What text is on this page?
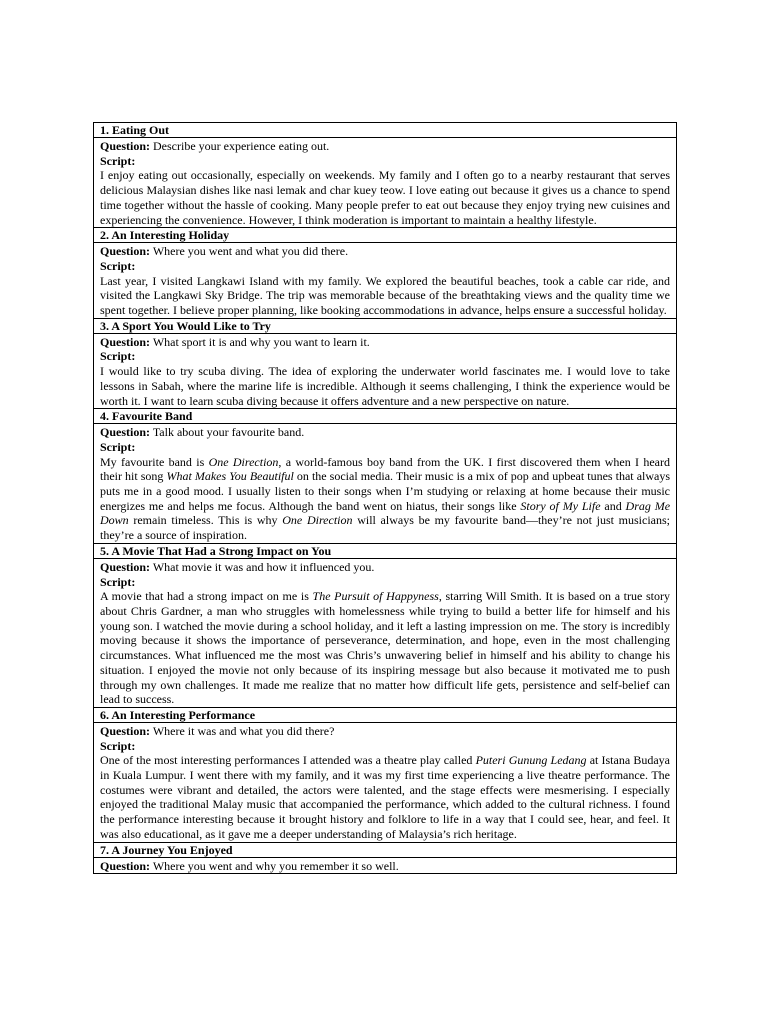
1. Eating Out

Question: Describe your experience eating out.

Script:

I enjoy eating out occasionally, especially on weekends. My family and I often go to a nearby restaurant that serves delicious Malaysian dishes like nasi lemak and char kuey teow. I love eating out because it gives us a chance to spend time together without the hassle of cooking. Many people prefer to eat out because they enjoy trying new cuisines and experiencing the convenience. However, I think moderation is important to maintain a healthy lifestyle.

2. An Interesting Holiday

Question: Where you went and what you did there.

Script:

Last year, I visited Langkawi Island with my family. We explored the beautiful beaches, took a cable car ride, and visited the Langkawi Sky Bridge. The trip was memorable because of the breathtaking views and the quality time we spent together. I believe proper planning, like booking accommodations in advance, helps ensure a successful holiday.

3. A Sport You Would Like to Try

Question: What sport it is and why you want to learn it.

Script:

I would like to try scuba diving. The idea of exploring the underwater world fascinates me. I would love to take lessons in Sabah, where the marine life is incredible. Although it seems challenging, I think the experience would be worth it. I want to learn scuba diving because it offers adventure and a new perspective on nature.

4. Favourite Band

Question: Talk about your favourite band.

Script:

My favourite band is One Direction, a world-famous boy band from the UK. I first discovered them when I heard their hit song What Makes You Beautiful on the social media. Their music is a mix of pop and upbeat tunes that always puts me in a good mood. I usually listen to their songs when I’m studying or relaxing at home because their music energizes me and helps me focus. Although the band went on hiatus, their songs like Story of My Life and Drag Me Down remain timeless. This is why One Direction will always be my favourite band—they’re not just musicians; they’re a source of inspiration.

5. A Movie That Had a Strong Impact on You

Question: What movie it was and how it influenced you.

Script:

A movie that had a strong impact on me is The Pursuit of Happyness, starring Will Smith. It is based on a true story about Chris Gardner, a man who struggles with homelessness while trying to build a better life for himself and his young son. I watched the movie during a school holiday, and it left a lasting impression on me. The story is incredibly moving because it shows the importance of perseverance, determination, and hope, even in the most challenging circumstances. What influenced me the most was Chris’s unwavering belief in himself and his ability to change his situation. I enjoyed the movie not only because of its inspiring message but also because it motivated me to push through my own challenges. It made me realize that no matter how difficult life gets, persistence and self-belief can lead to success.

6. An Interesting Performance

Question: Where it was and what you did there?

Script:

One of the most interesting performances I attended was a theatre play called Puteri Gunung Ledang at Istana Budaya in Kuala Lumpur. I went there with my family, and it was my first time experiencing a live theatre performance. The costumes were vibrant and detailed, the actors were talented, and the stage effects were mesmerising. I especially enjoyed the traditional Malay music that accompanied the performance, which added to the cultural richness. I found the performance interesting because it brought history and folklore to life in a way that I could see, hear, and feel. It was also educational, as it gave me a deeper understanding of Malaysia’s rich heritage.

7. A Journey You Enjoyed

Question: Where you went and why you remember it so well.
